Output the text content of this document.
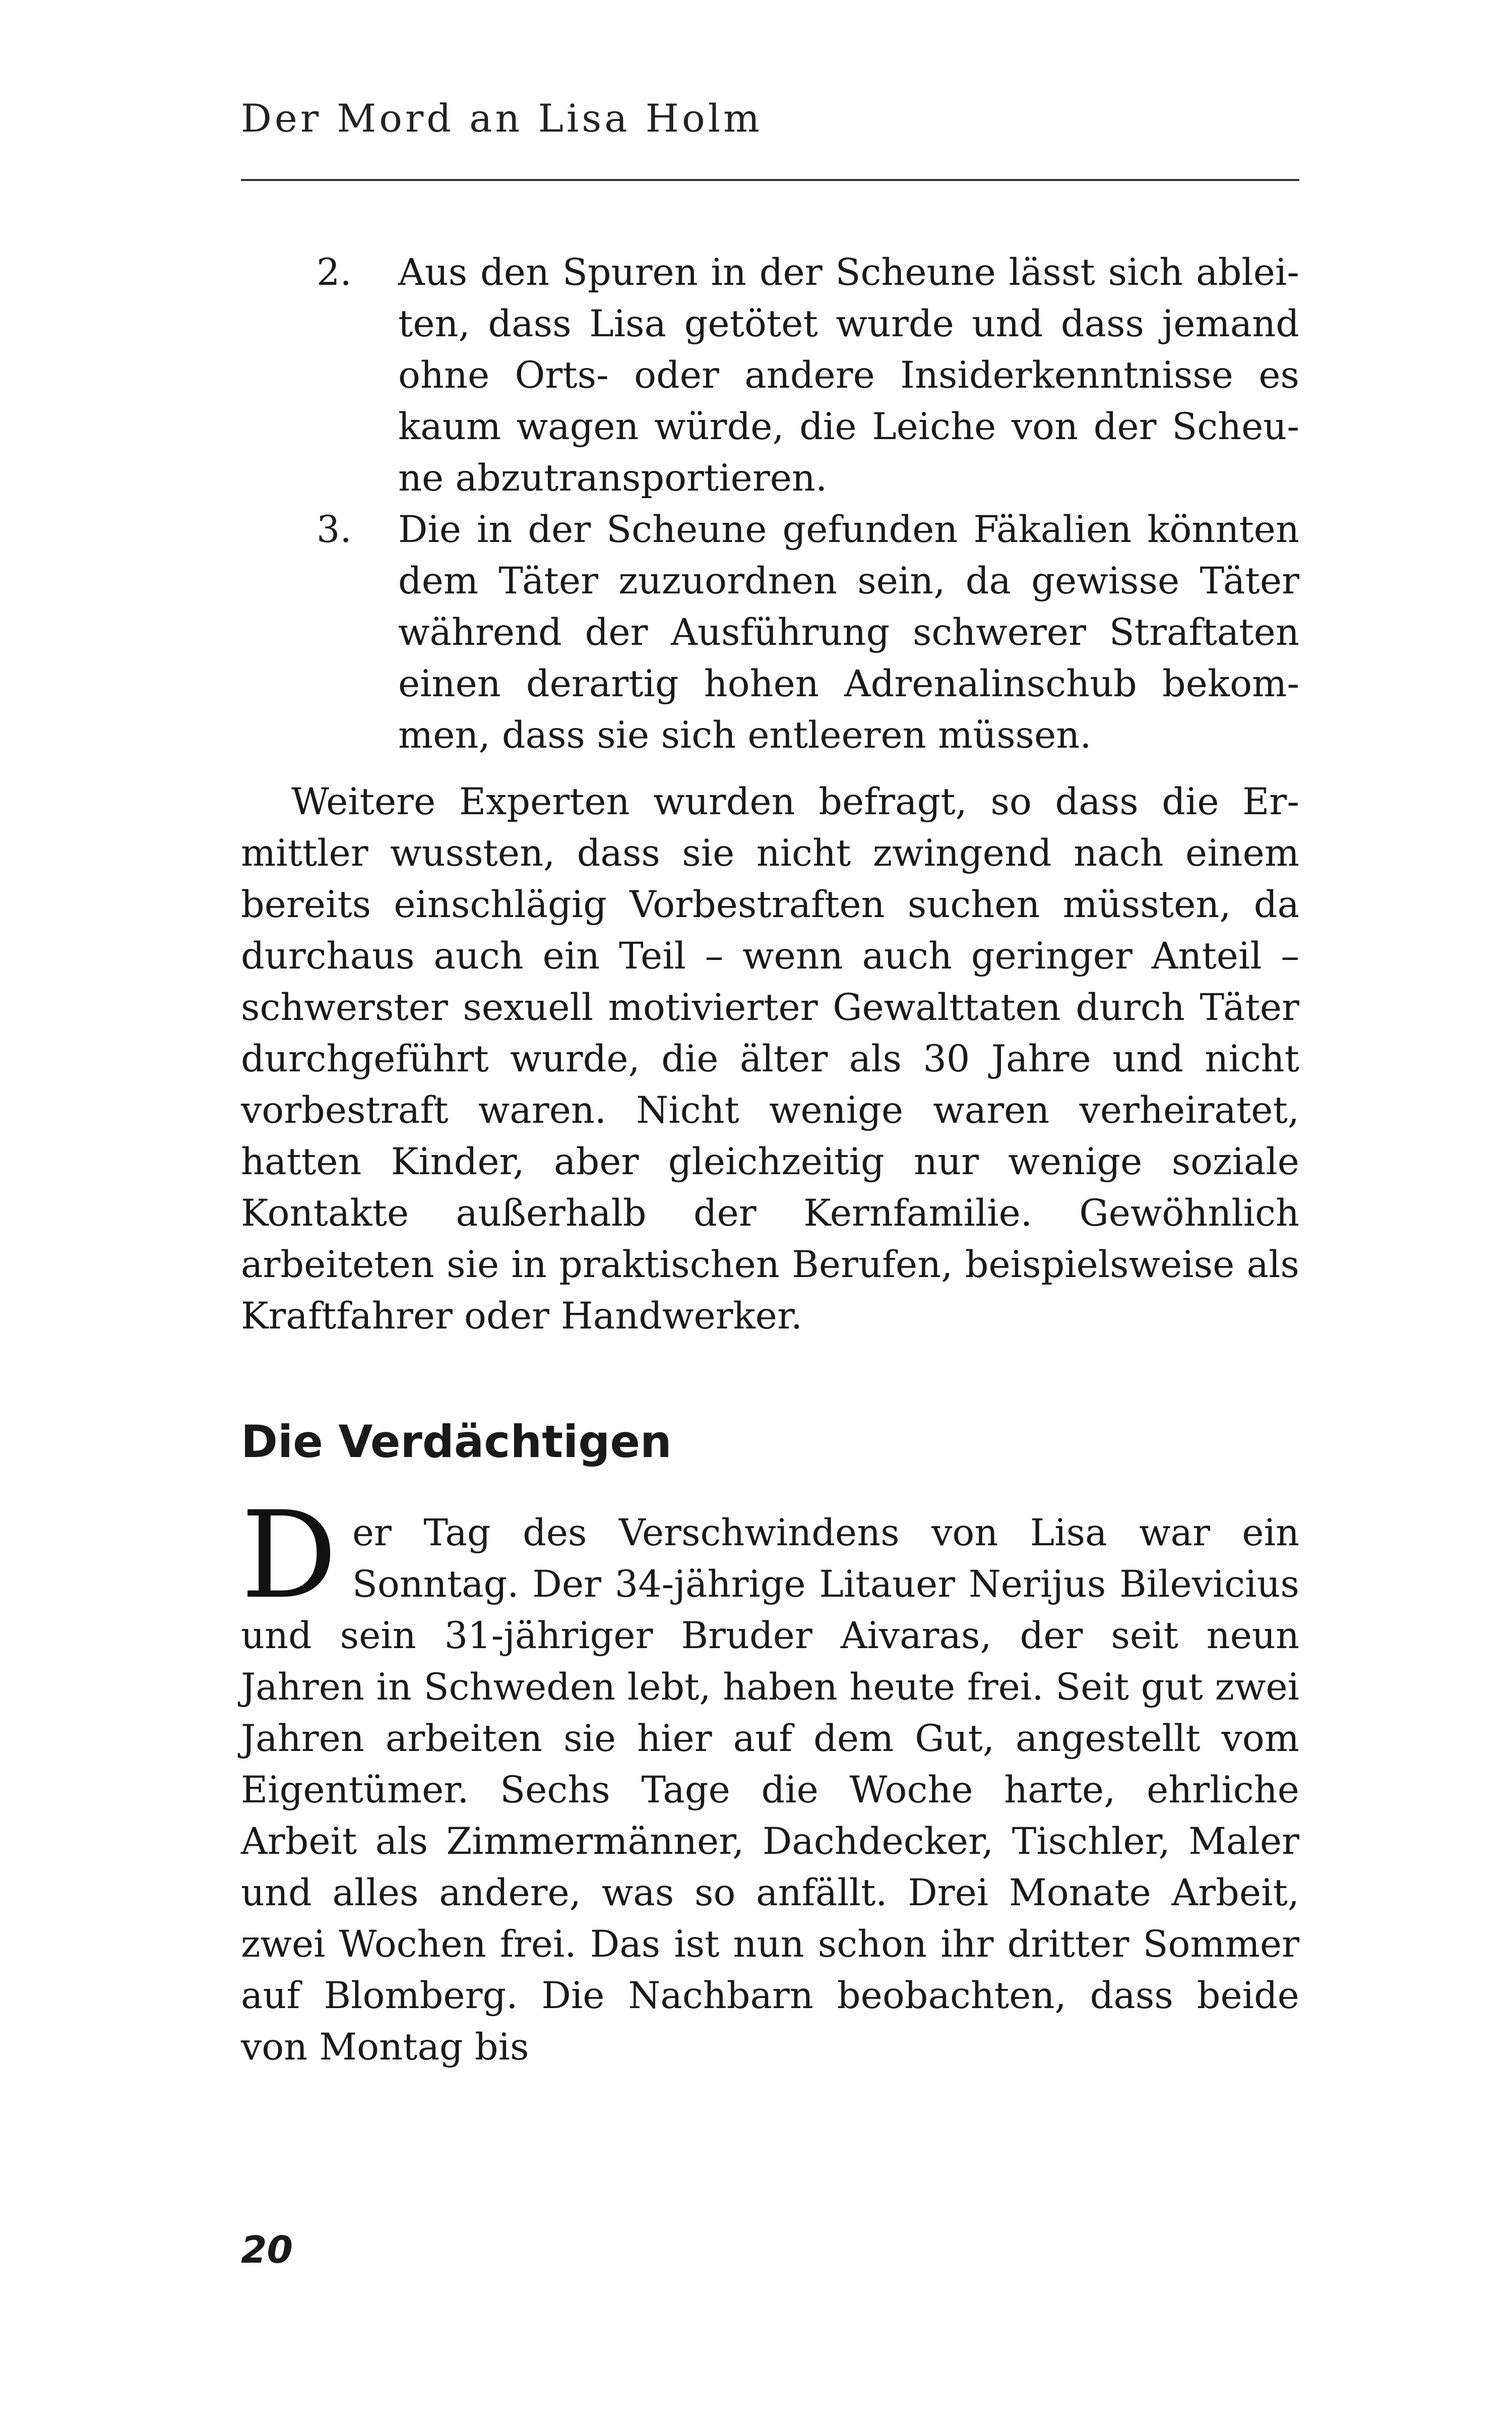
Der Mord an Lisa Holm
2. Aus den Spuren in der Scheune lässt sich ableiten, dass Lisa getötet wurde und dass jemand ohne Orts- oder andere Insiderkenntnisse es kaum wagen würde, die Leiche von der Scheune abzutransportieren.
3. Die in der Scheune gefunden Fäkalien könnten dem Täter zuzuordnen sein, da gewisse Täter während der Ausführung schwerer Straftaten einen derartig hohen Adrenalinschub bekommen, dass sie sich entleeren müssen.

Weitere Experten wurden befragt, so dass die Ermittler wussten, dass sie nicht zwingend nach einem bereits einschlägig Vorbestraften suchen müssten, da durchaus auch ein Teil – wenn auch geringer Anteil – schwerster sexuell motivierter Gewalttaten durch Täter durchgeführt wurde, die älter als 30 Jahre und nicht vorbestraft waren. Nicht wenige waren verheiratet, hatten Kinder, aber gleichzeitig nur wenige soziale Kontakte außerhalb der Kernfamilie. Gewöhnlich arbeiteten sie in praktischen Berufen, beispielsweise als Kraftfahrer oder Handwerker.

Die Verdächtigen

Der Tag des Verschwindens von Lisa war ein Sonntag. Der 34-jährige Litauer Nerijus Bilevicius und sein 31-jähriger Bruder Aivaras, der seit neun Jahren in Schweden lebt, haben heute frei. Seit gut zwei Jahren arbeiten sie hier auf dem Gut, angestellt vom Eigentümer. Sechs Tage die Woche harte, ehrliche Arbeit als Zimmermänner, Dachdecker, Tischler, Maler und alles andere, was so anfällt. Drei Monate Arbeit, zwei Wochen frei. Das ist nun schon ihr dritter Sommer auf Blomberg. Die Nachbarn beobachten, dass beide von Montag bis

20
